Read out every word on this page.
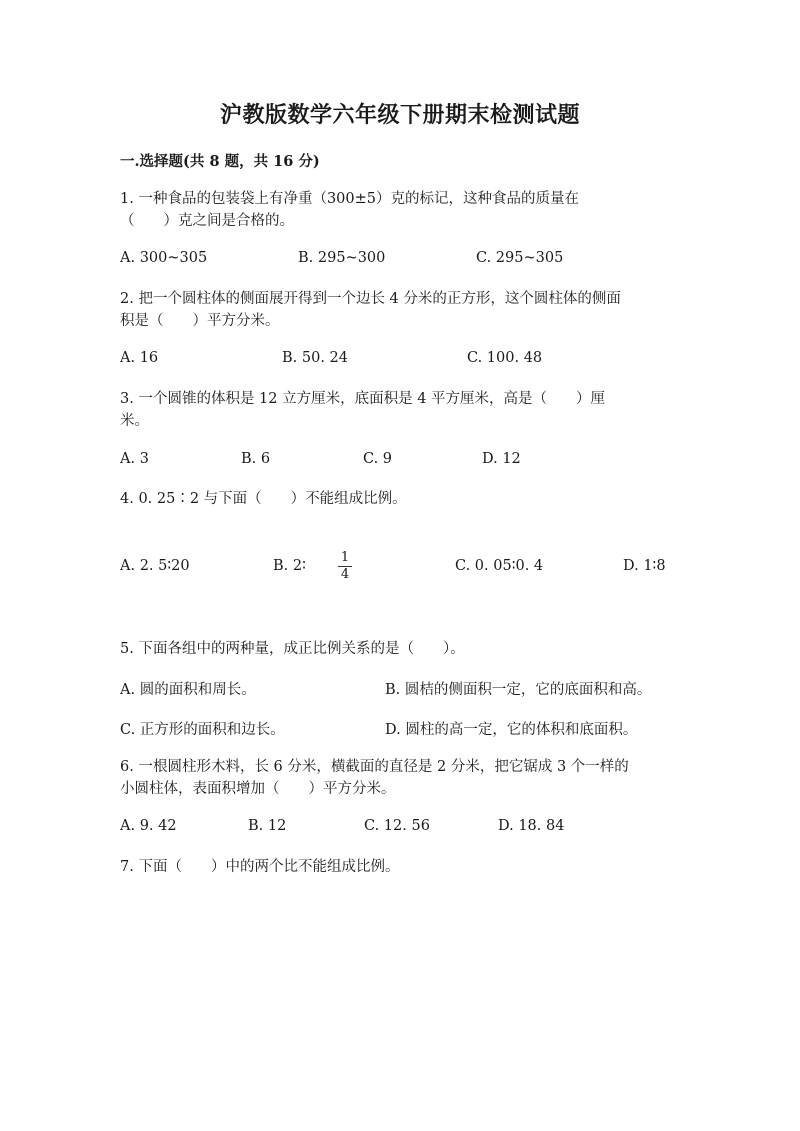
沪教版数学六年级下册期末检测试题
一.选择题(共 8 题，共 16 分)
1. 一种食品的包装袋上有净重（300±5）克的标记，这种食品的质量在
（　　）克之间是合格的。
A. 300~305	B. 295~300	C. 295~305
2. 把一个圆柱体的侧面展开得到一个边长 4 分米的正方形，这个圆柱体的侧面
积是（　　）平方分米。
A. 16	B. 50. 24	C. 100. 48
3. 一个圆锥的体积是 12 立方厘米，底面积是 4 平方厘米，高是（　　）厘
米。
A. 3	B. 6	C. 9	D. 12
4. 0. 25∶2 与下面（　　）不能组成比例。
A. 2. 5∶20	B. 2∶
1
4
C. 0. 05∶0. 4	D. 1∶8
5. 下面各组中的两种量，成正比例关系的是（　　）。
A. 圆的面积和周长。	B. 圆桔的侧面积一定，它的底面积和高。
C. 正方形的面积和边长。	D. 圆柱的高一定，它的体积和底面积。
6. 一根圆柱形木料，长 6 分米，横截面的直径是 2 分米，把它锯成 3 个一样的
小圆柱体，表面积增加（　　）平方分米。
A. 9. 42	B. 12	C. 12. 56	D. 18. 84
7. 下面（　　）中的两个比不能组成比例。
